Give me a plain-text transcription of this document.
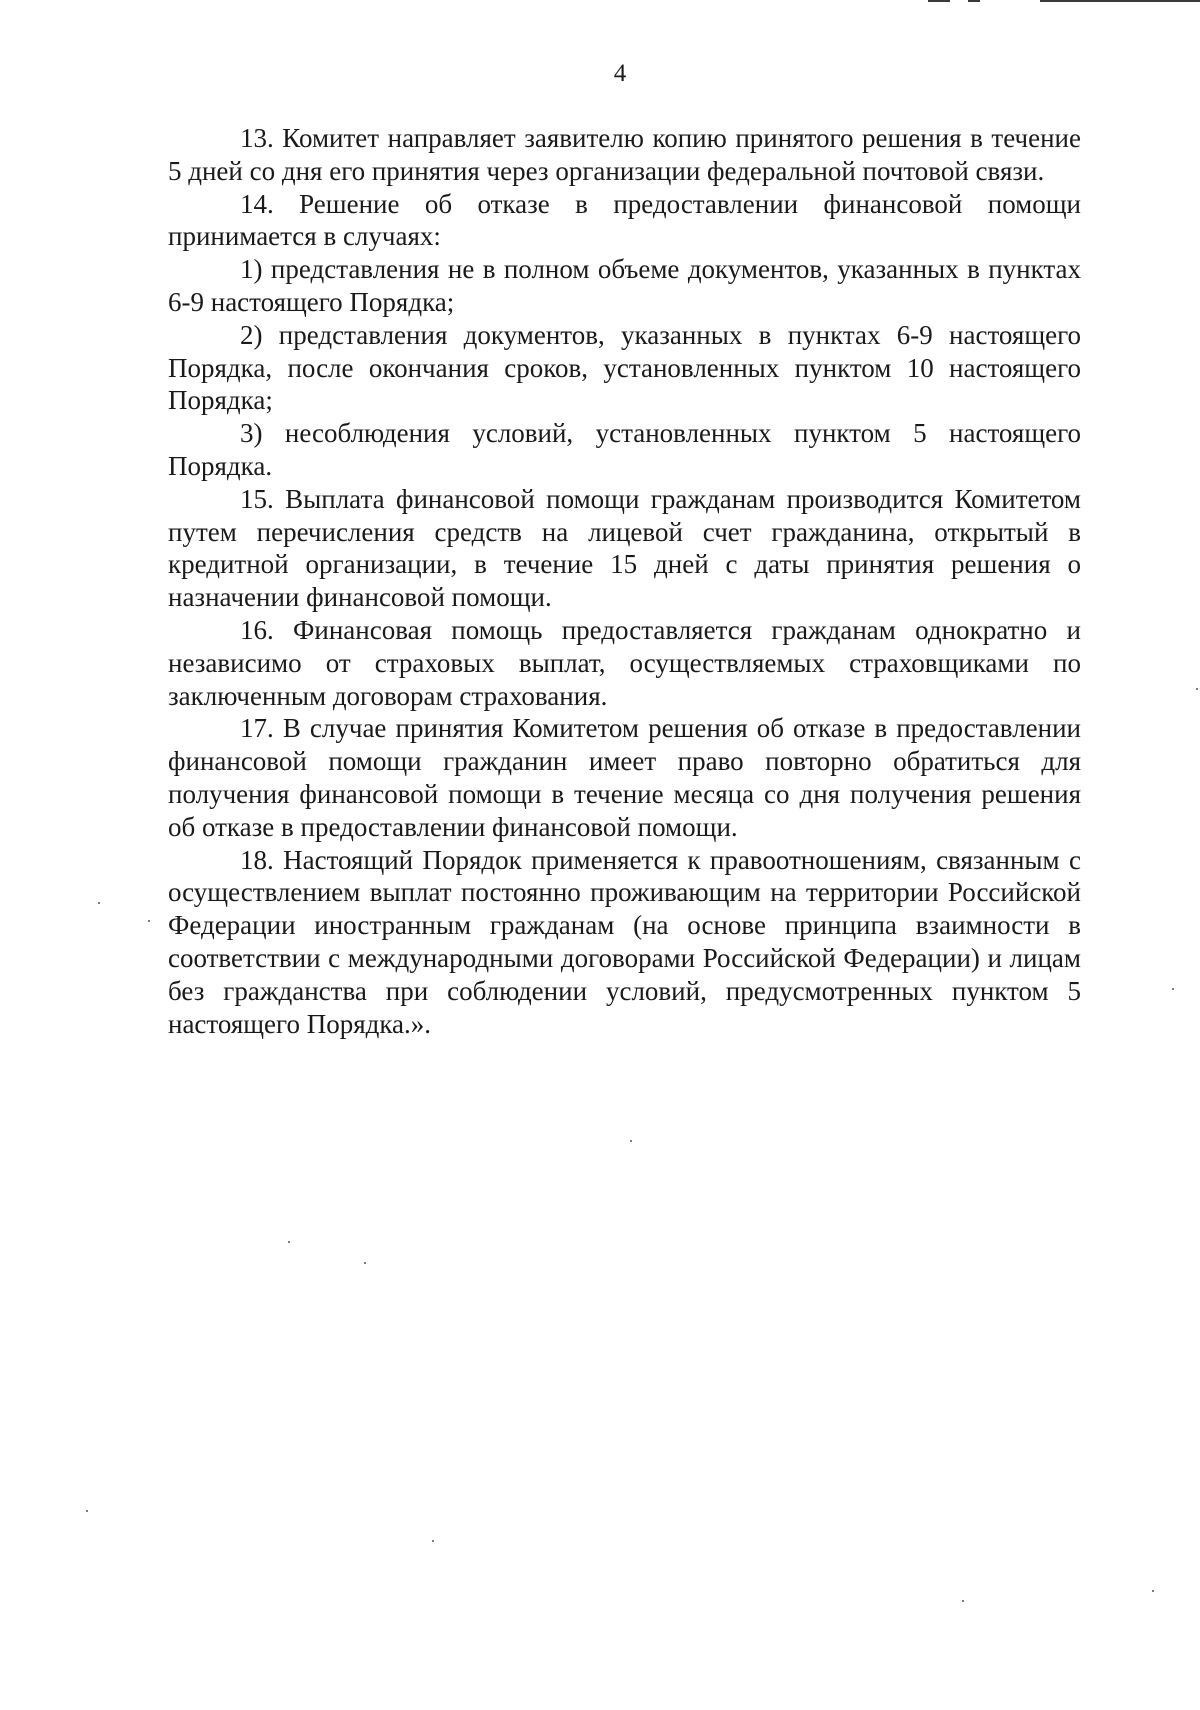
4

13. Комитет направляет заявителю копию принятого решения в течение 5 дней со дня его принятия через организации федеральной почтовой связи.

14. Решение об отказе в предоставлении финансовой помощи принимается в случаях:

1) представления не в полном объеме документов, указанных в пунктах 6-9 настоящего Порядка;

2) представления документов, указанных в пунктах 6-9 настоящего Порядка, после окончания сроков, установленных пунктом 10 настоящего Порядка;

3) несоблюдения условий, установленных пунктом 5 настоящего Порядка.

15. Выплата финансовой помощи гражданам производится Комитетом путем перечисления средств на лицевой счет гражданина, открытый в кредитной организации, в течение 15 дней с даты принятия решения о назначении финансовой помощи.

16. Финансовая помощь предоставляется гражданам однократно и независимо от страховых выплат, осуществляемых страховщиками по заключенным договорам страхования.

17. В случае принятия Комитетом решения об отказе в предоставлении финансовой помощи гражданин имеет право повторно обратиться для получения финансовой помощи в течение месяца со дня получения решения об отказе в предоставлении финансовой помощи.

18. Настоящий Порядок применяется к правоотношениям, связанным с осуществлением выплат постоянно проживающим на территории Российской Федерации иностранным гражданам (на основе принципа взаимности в соответствии с международными договорами Российской Федерации) и лицам без гражданства при соблюдении условий, предусмотренных пунктом 5 настоящего Порядка.».
